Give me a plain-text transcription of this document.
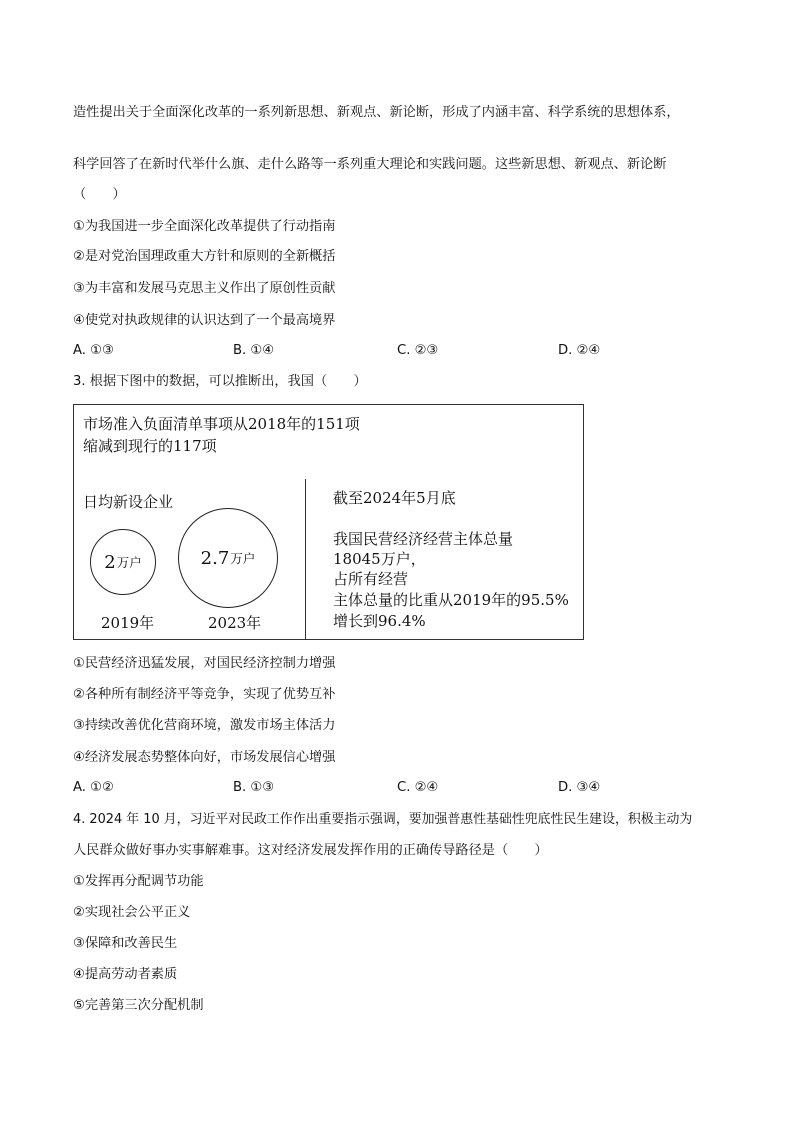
造性提出关于全面深化改革的一系列新思想、新观点、新论断，形成了内涵丰富、科学系统的思想体系，
科学回答了在新时代举什么旗、走什么路等一系列重大理论和实践问题。这些新思想、新观点、新论断
（　　）
①为我国进一步全面深化改革提供了行动指南
②是对党治国理政重大方针和原则的全新概括
③为丰富和发展马克思主义作出了原创性贡献
④使党对执政规律的认识达到了一个最高境界
A. ①③	B. ①④	C. ②③	D. ②④
3. 根据下图中的数据，可以推断出，我国（　　）
市场准入负面清单事项从2018年的151项
缩减到现行的117项
日均新设企业
2 万户	2.7 万户
2019年	2023年
截至2024年5月底
我国民营经济经营主体总量
18045万户，
占所有经营
主体总量的比重从2019年的95.5%
增长到96.4%
①民营经济迅猛发展，对国民经济控制力增强
②各种所有制经济平等竞争，实现了优势互补
③持续改善优化营商环境，激发市场主体活力
④经济发展态势整体向好，市场发展信心增强
A. ①②	B. ①③	C. ②④	D. ③④
4. 2024 年 10 月，习近平对民政工作作出重要指示强调，要加强普惠性基础性兜底性民生建设，积极主动为
人民群众做好事办实事解难事。这对经济发展发挥作用的正确传导路径是（　　）
①发挥再分配调节功能
②实现社会公平正义
③保障和改善民生
④提高劳动者素质
⑤完善第三次分配机制
